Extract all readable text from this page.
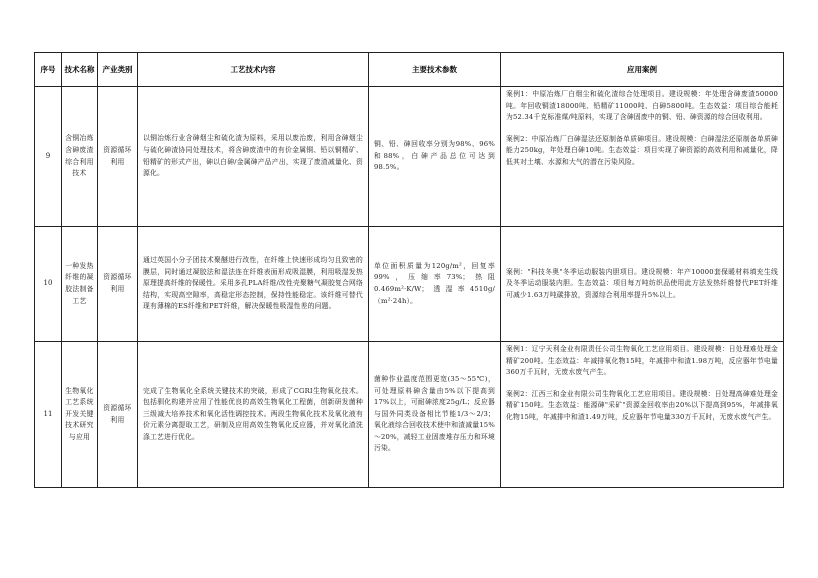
序号	技术名称	产业类别	工艺技术内容	主要技术参数	应用案例
9	含铜冶炼含砷废渣综合利用技术	资源循环利用	以铜冶炼行业含砷烟尘和硫化渣为原料，采用以废治废，利用含砷烟尘与硫化砷渣协同处理技术，将含砷废渣中的有价金属铜、铅以铜精矿、铅精矿的形式产出，砷以白砷/金属砷产品产出，实现了废渣减量化、资源化。	铜、铅、砷回收率分别为98%、96%和88%，白砷产品总位可达到98.5%。	案例1：中原冶炼厂白烟尘和硫化渣综合处理项目。建设规模：年处理含砷废渣50000吨。年回收铜渣18000吨、铅精矿11000吨、白砷5800吨。生态效益：项目综合能耗为52.34千克标准煤/吨原料，实现了含砷固废中的铜、铅、砷资源的综合回收利用。
案例2：中原冶炼厂白砷湿法还原制备单质砷项目。建设规模：白砷湿法还原制备单质砷能力250kg，年处理白砷10吨。生态效益：项目实现了砷资源的高效利用和减量化，降低其对土壤、水源和大气的潜在污染风险。

10	一种发热纤维的凝胶法制备工艺	资源循环利用	通过英国小分子团技术聚醚进行改性，在纤维上快速形成均匀且致密的膜层，同时通过凝胶法和湿法连在纤维表面形成吸湿膜，利用吸湿发热原理提高纤维的保暖性。采用多孔PLA纤维/改性壳聚糖气凝胶复合网络结构，实现高空隙率，高稳定形态控制，保持性能稳定。该纤维可替代现有薄棉的ES纤维和PET纤维，解决保暖性吸湿性差的问题。	单位面积质量为120g/m²，回复率99%，压缩率73%；热阻0.469m²·K/W；透湿率4510g/（m²·24h）。	案例："科技冬奥"冬季运动服装内胆项目。建设规模：年产10000套保暖材料填充生线及冬季运动服装内胆。生态效益：项目每万吨纺织品使用此方法发热纤维替代PET纤维可减少1.63万吨碳排放，资源综合利用率提升5%以上。

11	生物氧化工艺系统开发关键技术研究与应用	资源循环利用	完成了生物氧化全系统关键技术的突破，形成了CGRI生物氧化技术。包括驯化构建并应用了性能优良的高效生物氧化工程菌，创新研发菌种三级减大培养技术和氧化活性调控技术。两段生物氧化技术及氧化液有价元素分离提取工艺，研制及应用高效生物氧化反应器，并对氧化渣洗涤工艺进行优化。	菌种作业温度范围更宽(35～55℃)，可处理原料砷含量由5%以下提高到17%以上，可耐砷浓度25g/L；反应器与国外同类设备相比节能1/3～2/3；氧化液综合回收技术使中和渣减量15%～20%，减轻工业固废堆存压力和环境污染。	案例1：辽宁天利金业有限责任公司生物氧化工艺应用项目。建设规模：日处理难处理金精矿200吨。生态效益：年减排氧化物15吨，年减排中和渣1.98万吨，反应器年节电量360万千瓦时，无废水废气产生。
案例2：江西三和金业有限公司生物氧化工艺应用项目。建设规模：日处理高砷难处理金精矿150吨。生态效益：能源砷"采矿"资源金回收率由20%以下提高到95%，年减排氧化物15吨，年减排中和渣1.49万吨，反应器年节电量330万千瓦时，无废水废气产生。
